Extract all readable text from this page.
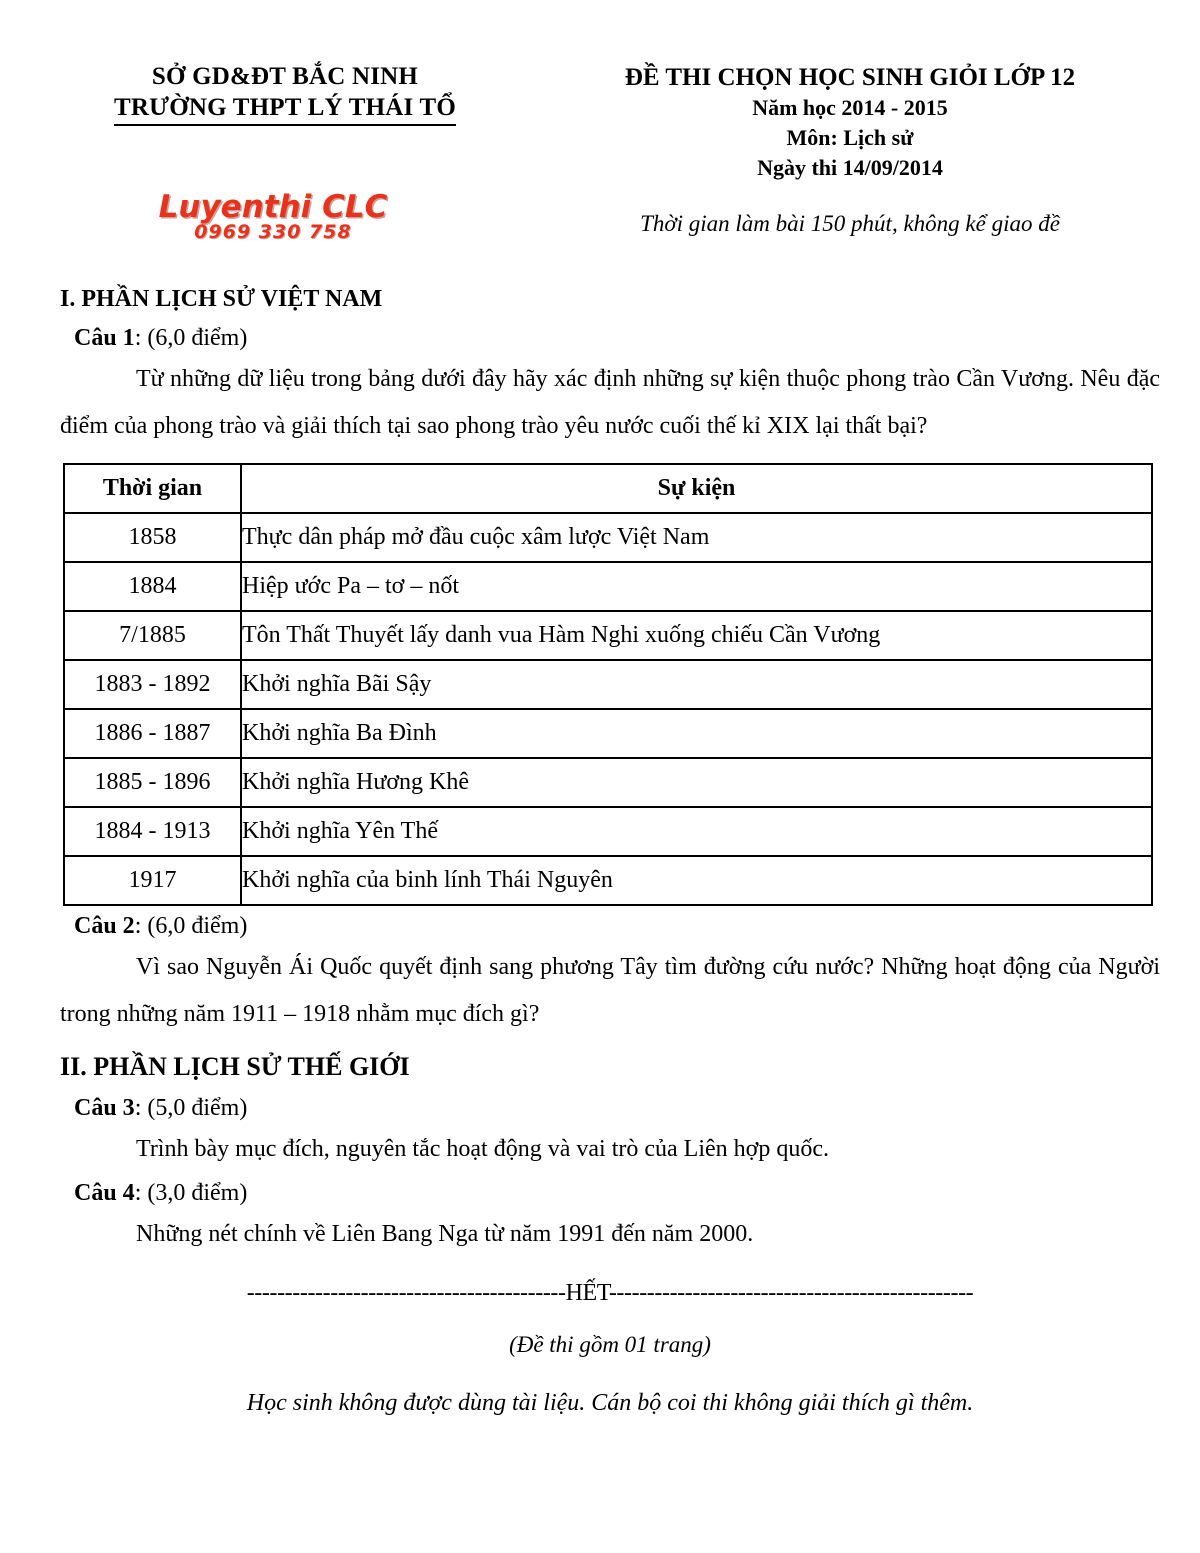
SỞ GD&ĐT BẮC NINH
TRƯỜNG THPT LÝ THÁI TỔ
Luyenthi CLC
0969 330 758
ĐỀ THI CHỌN HỌC SINH GIỎI LỚP 12
Năm học 2014 - 2015
Môn: Lịch sử
Ngày thi 14/09/2014
Thời gian làm bài 150 phút, không kể giao đề
I. PHẦN LỊCH SỬ VIỆT NAM
Câu 1: (6,0 điểm)

Từ những dữ liệu trong bảng dưới đây hãy xác định những sự kiện thuộc phong trào Cần Vương. Nêu đặc điểm của phong trào và giải thích tại sao phong trào yêu nước cuối thế kỉ XIX lại thất bại?

Thời gian	Sự kiện
1858	Thực dân pháp mở đầu cuộc xâm lược Việt Nam
1884	Hiệp ước Pa – tơ – nốt
7/1885	Tôn Thất Thuyết lấy danh vua Hàm Nghi xuống chiếu Cần Vương
1883 - 1892	Khởi nghĩa Bãi Sậy
1886 - 1887	Khởi nghĩa Ba Đình
1885 - 1896	Khởi nghĩa Hương Khê
1884 - 1913	Khởi nghĩa Yên Thế
1917	Khởi nghĩa của binh lính Thái Nguyên
Câu 2: (6,0 điểm)

Vì sao Nguyễn Ái Quốc quyết định sang phương Tây tìm đường cứu nước? Những hoạt động của Người trong những năm 1911 – 1918 nhằm mục đích gì?

II. PHẦN LỊCH SỬ THẾ GIỚI
Câu 3: (5,0 điểm)

Trình bày mục đích, nguyên tắc hoạt động và vai trò của Liên hợp quốc.

Câu 4: (3,0 điểm)

Những nét chính về Liên Bang Nga từ năm 1991 đến năm 2000.

------------------------------------------HẾT------------------------------------------------
(Đề thi gồm 01 trang)
Học sinh không được dùng tài liệu. Cán bộ coi thi không giải thích gì thêm.
